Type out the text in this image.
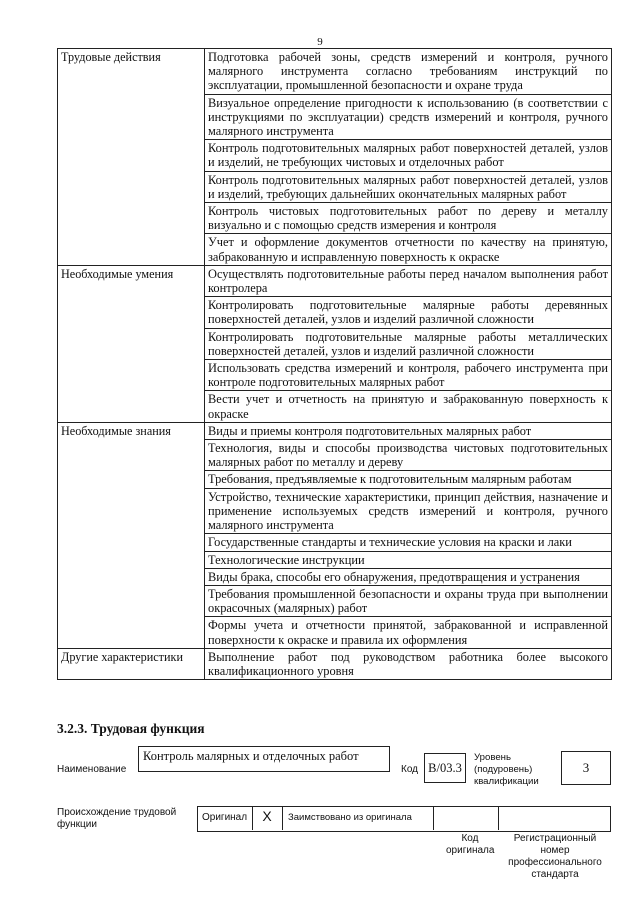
9
Трудовые действия	Подготовка рабочей зоны, средств измерений и контроля, ручного малярного инструмента согласно требованиям инструкций по эксплуатации, промышленной безопасности и охране труда
	Визуальное определение пригодности к использованию (в соответствии с инструкциями по эксплуатации) средств измерений и контроля, ручного малярного инструмента
	Контроль подготовительных малярных работ поверхностей деталей, узлов и изделий, не требующих чистовых и отделочных работ
	Контроль подготовительных малярных работ поверхностей деталей, узлов и изделий, требующих дальнейших окончательных малярных работ
	Контроль чистовых подготовительных работ по дереву и металлу визуально и с помощью средств измерения и контроля
	Учет и оформление документов отчетности по качеству на принятую, забракованную и исправленную поверхность к окраске
Необходимые умения	Осуществлять подготовительные работы перед началом выполнения работ контролера
	Контролировать подготовительные малярные работы деревянных поверхностей деталей, узлов и изделий различной сложности
	Контролировать подготовительные малярные работы металлических поверхностей деталей, узлов и изделий различной сложности
	Использовать средства измерений и контроля, рабочего инструмента при контроле подготовительных малярных работ
	Вести учет и отчетность на принятую и забракованную поверхность к окраске
Необходимые знания	Виды и приемы контроля подготовительных малярных работ
	Технология, виды и способы производства чистовых подготовительных малярных работ по металлу и дереву
	Требования, предъявляемые к подготовительным малярным работам
	Устройство, технические характеристики, принцип действия, назначение и применение используемых средств измерений и контроля, ручного малярного инструмента
	Государственные стандарты и технические условия на краски и лаки
	Технологические инструкции
	Виды брака, способы его обнаружения, предотвращения и устранения
	Требования промышленной безопасности и охраны труда при выполнении окрасочных (малярных) работ
	Формы учета и отчетности принятой, забракованной и исправленной поверхности к окраске и правила их оформления
Другие характеристики	Выполнение работ под руководством работника более высокого квалификационного уровня
3.2.3. Трудовая функция
Наименование
Контроль малярных и отделочных работ
Код B/03.3
Уровень (подуровень) квалификации
3
Происхождение трудовой функции
Оригинал	X	Заимствовано из оригинала
Код оригинала
Регистрационный номер профессионального стандарта
